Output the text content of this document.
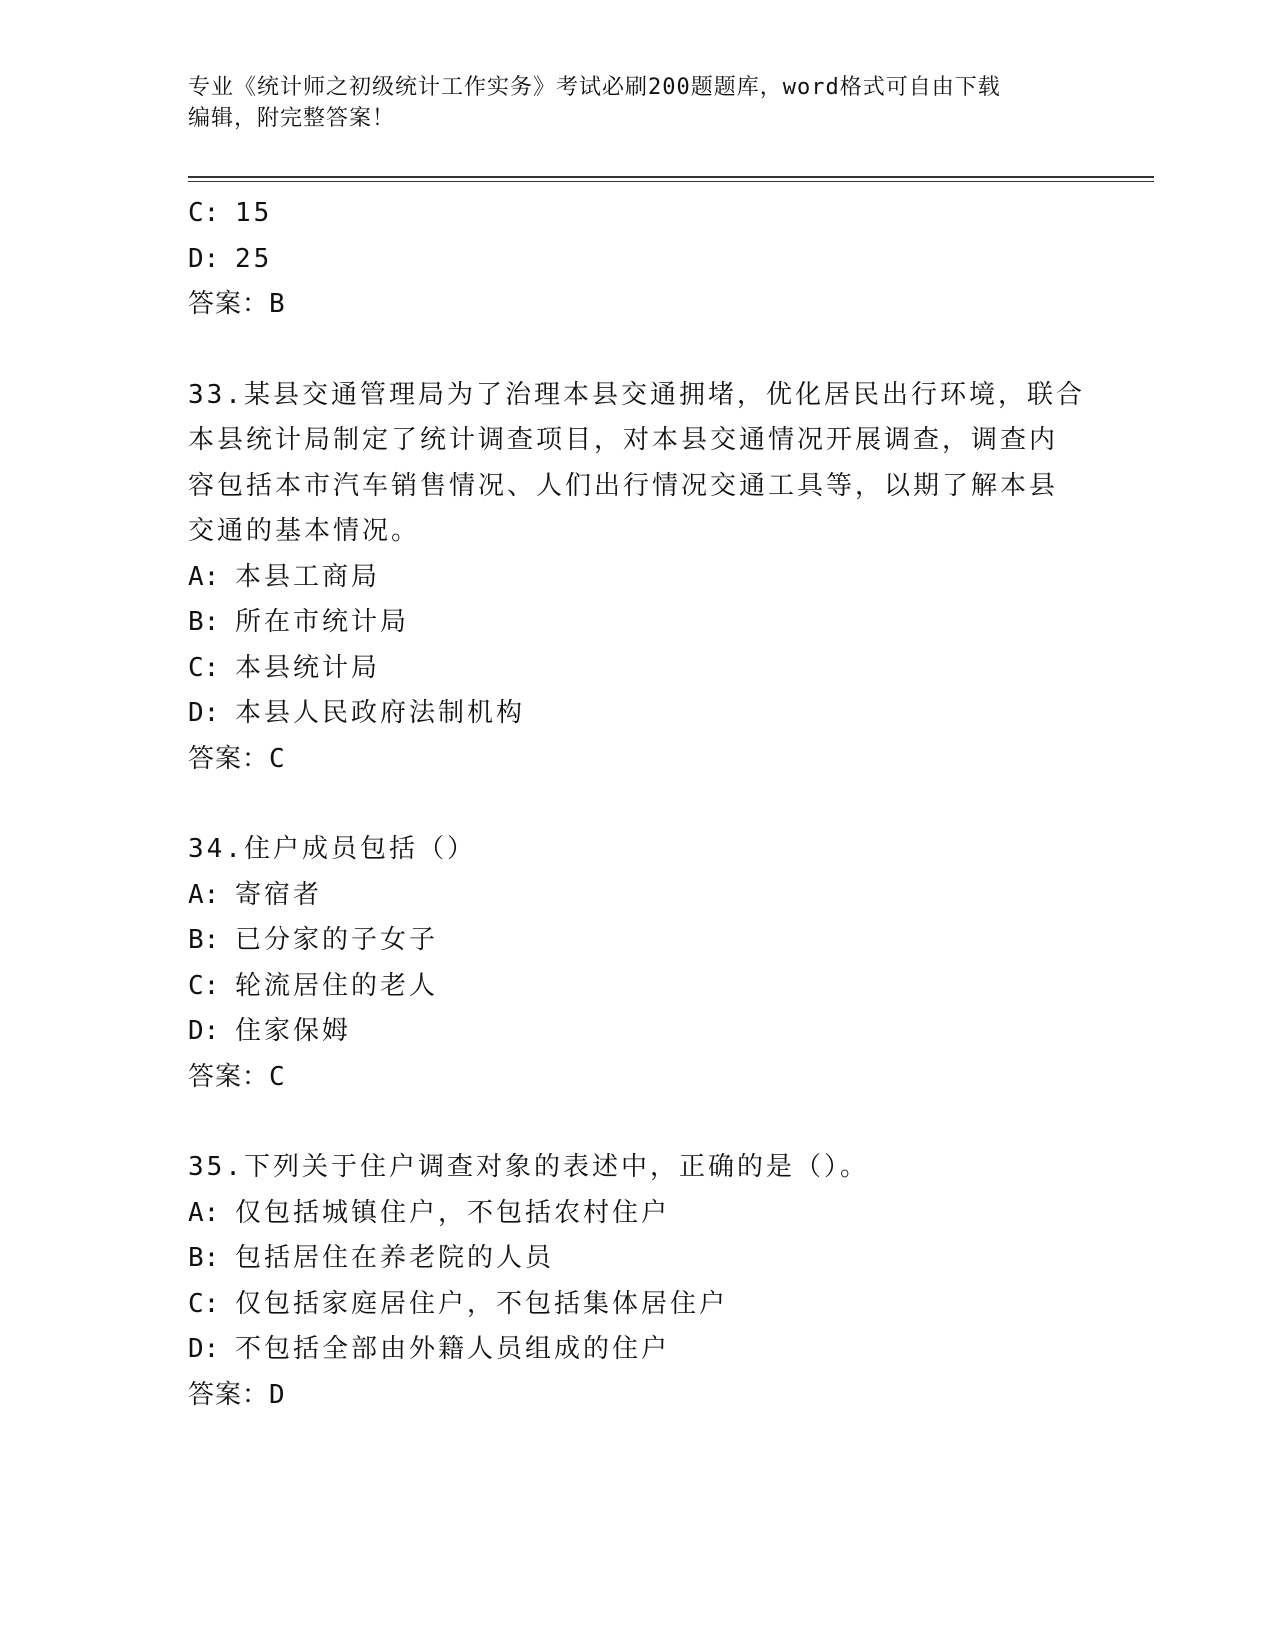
专业《统计师之初级统计工作实务》考试必刷200题题库，word格式可自由下载
编辑，附完整答案！
C: 15
D: 25
答案：B
33.某县交通管理局为了治理本县交通拥堵，优化居民出行环境，联合
本县统计局制定了统计调查项目，对本县交通情况开展调查，调查内
容包括本市汽车销售情况、人们出行情况交通工具等，以期了解本县
交通的基本情况。
A: 本县工商局
B: 所在市统计局
C: 本县统计局
D: 本县人民政府法制机构
答案：C
34.住户成员包括（）
A: 寄宿者
B: 已分家的子女子
C: 轮流居住的老人
D: 住家保姆
答案：C
35.下列关于住户调查对象的表述中，正确的是（）。
A: 仅包括城镇住户，不包括农村住户
B: 包括居住在养老院的人员
C: 仅包括家庭居住户，不包括集体居住户
D: 不包括全部由外籍人员组成的住户
答案：D
